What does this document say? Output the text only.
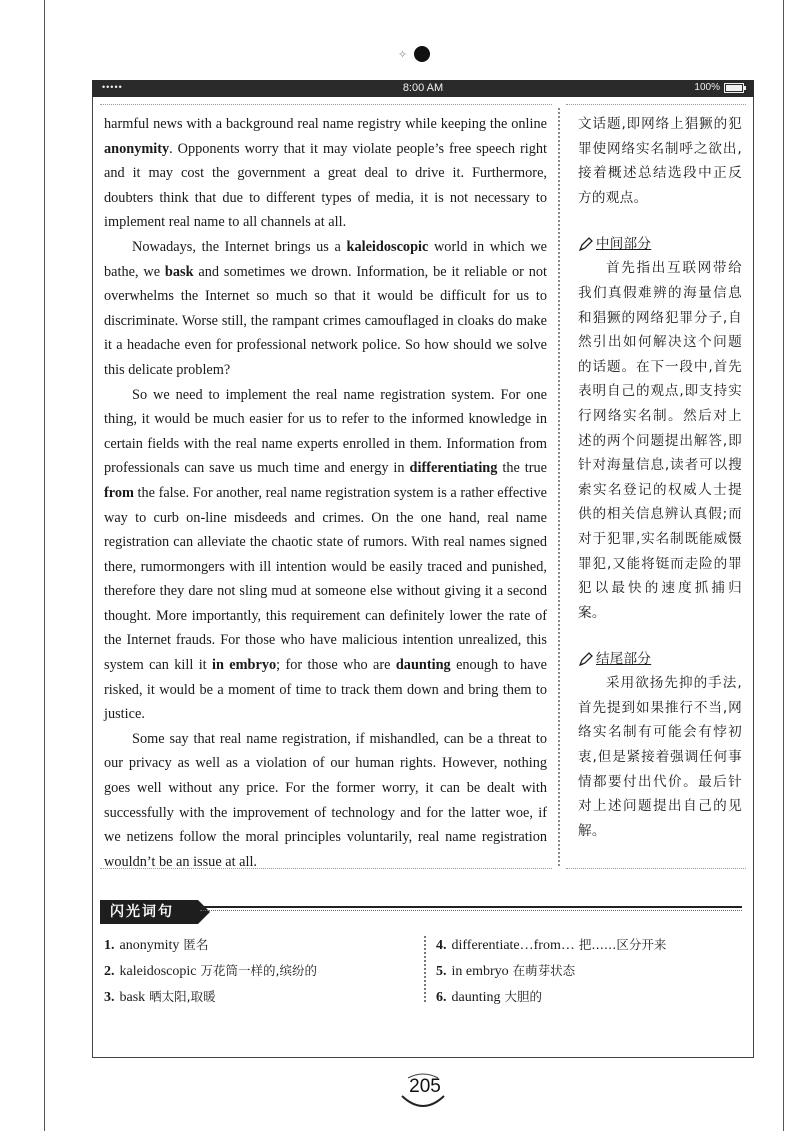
✧
•••••	8:00 AM	100%

harmful news with a background real name registry while keeping the online anonymity. Opponents worry that it may violate people’s free speech right and it may cost the government a great deal to drive it. Furthermore, doubters think that due to different types of media, it is not necessary to implement real name to all channels at all.

Nowadays, the Internet brings us a kaleidoscopic world in which we bathe, we bask and sometimes we drown. Information, be it reliable or not overwhelms the Internet so much so that it would be difficult for us to discriminate. Worse still, the rampant crimes camouflaged in cloaks do make it a headache even for professional network police. So how should we solve this delicate problem?

So we need to implement the real name registration system. For one thing, it would be much easier for us to refer to the informed knowledge in certain fields with the real name experts enrolled in them. Information from professionals can save us much time and energy in differentiating the true from the false. For another, real name registration system is a rather effective way to curb on-line misdeeds and crimes. On the one hand, real name registration can alleviate the chaotic state of rumors. With real names signed there, rumormongers with ill intention would be easily traced and punished, therefore they dare not sling mud at someone else without giving it a second thought. More importantly, this requirement can definitely lower the rate of the Internet frauds. For those who have malicious intention unrealized, this system can kill it in embryo; for those who are daunting enough to have risked, it would be a moment of time to track them down and bring them to justice.

Some say that real name registration, if mishandled, can be a threat to our privacy as well as a violation of our human rights. However, nothing goes well without any price. For the former worry, it can be dealt with successfully with the improvement of technology and for the latter woe, if we netizens follow the moral principles voluntarily, real name registration wouldn’t be an issue at all.

文话题,即网络上猖獗的犯罪使网络实名制呼之欲出,接着概述总结选段中正反方的观点。

中间部分

首先指出互联网带给我们真假难辨的海量信息和猖獗的网络犯罪分子,自然引出如何解决这个问题的话题。在下一段中,首先表明自己的观点,即支持实行网络实名制。然后对上述的两个问题提出解答,即针对海量信息,读者可以搜索实名登记的权威人士提供的相关信息辨认真假;而对于犯罪,实名制既能威慑罪犯,又能将铤而走险的罪犯以最快的速度抓捕归案。

结尾部分

采用欲扬先抑的手法,首先提到如果推行不当,网络实名制有可能会有悖初衷,但是紧接着强调任何事情都要付出代价。最后针对上述问题提出自己的见解。

闪光词句
1. anonymity 匿名
2. kaleidoscopic 万花筒一样的,缤纷的
3. bask 晒太阳,取暖
4. differentiate…from… 把……区分开来
5. in embryo 在萌芽状态
6. daunting 大胆的
205
